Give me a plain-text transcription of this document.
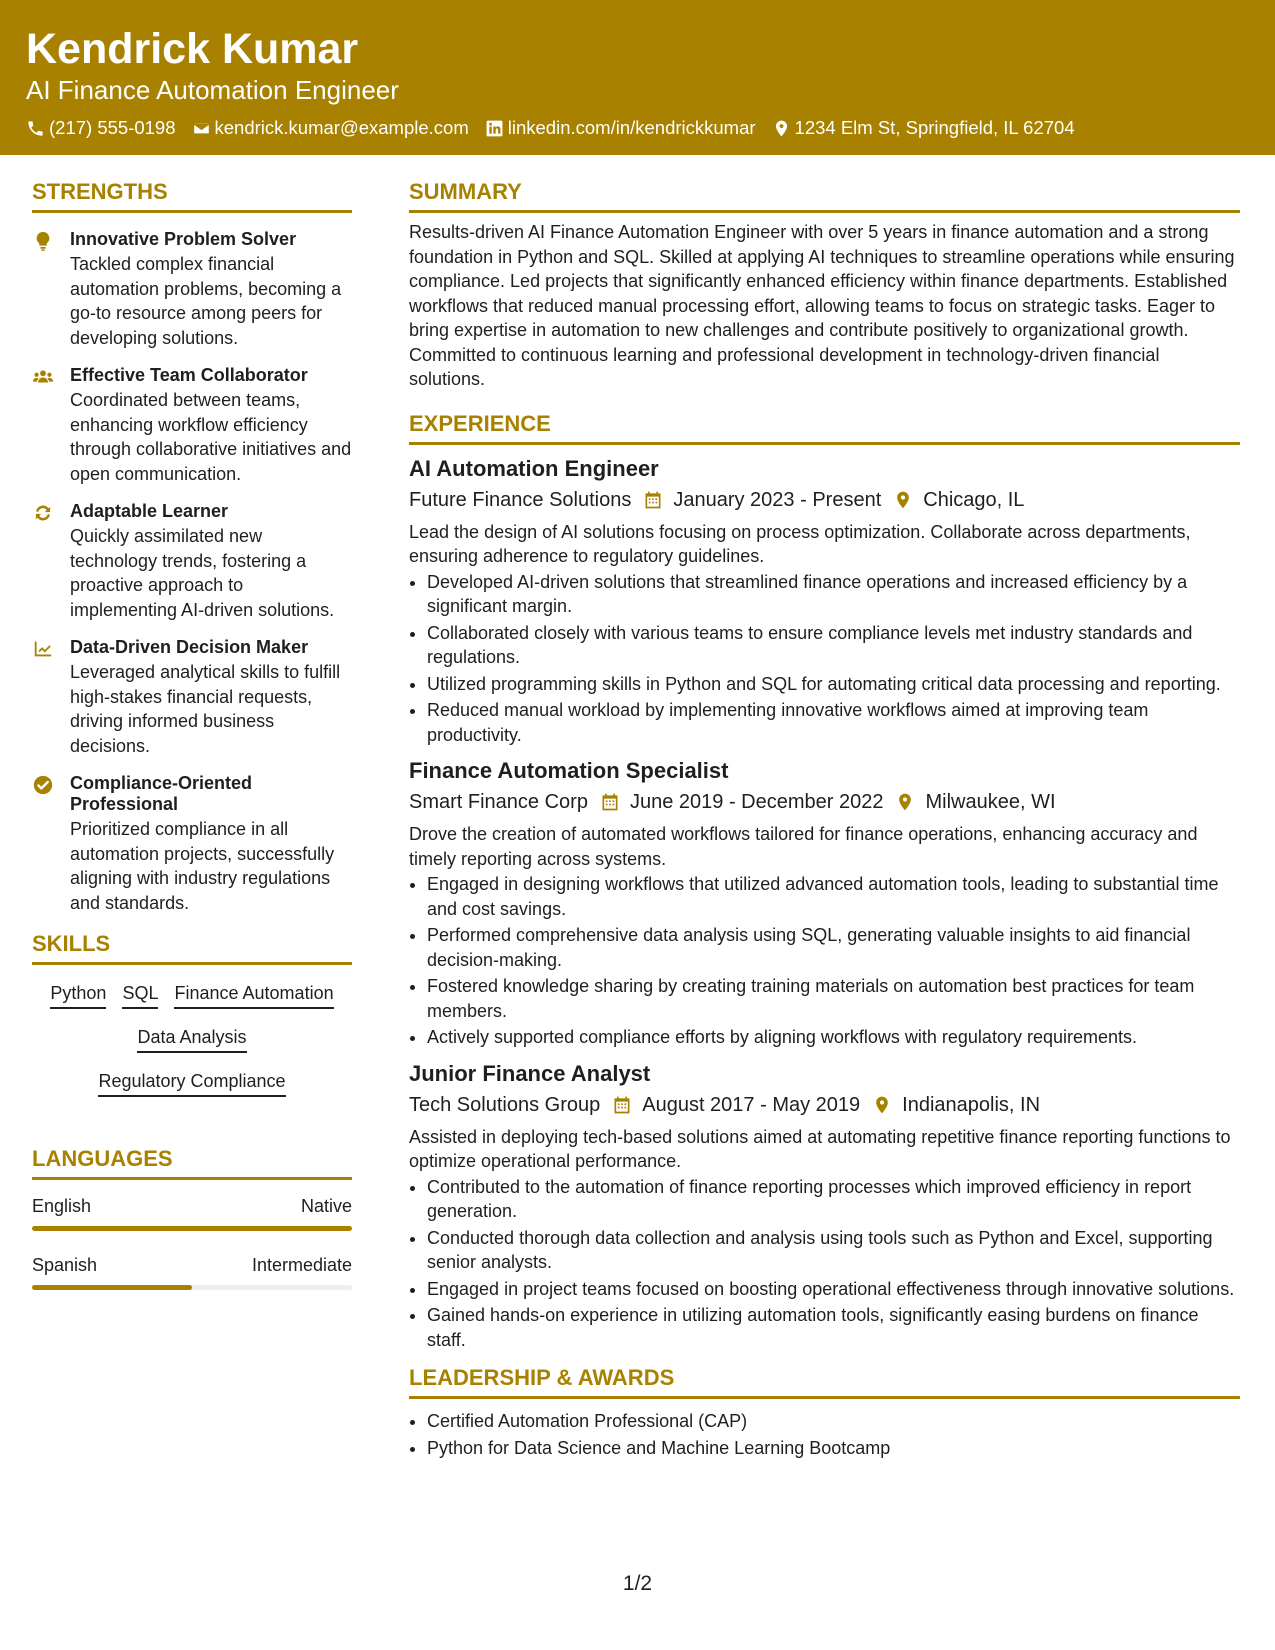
Kendrick Kumar
AI Finance Automation Engineer
(217) 555-0198 kendrick.kumar@example.com linkedin.com/in/kendrickkumar 1234 Elm St, Springfield, IL 62704
STRENGTHS
Innovative Problem Solver
Tackled complex financial automation problems, becoming a go-to resource among peers for developing solutions.
Effective Team Collaborator
Coordinated between teams, enhancing workflow efficiency through collaborative initiatives and open communication.
Adaptable Learner
Quickly assimilated new technology trends, fostering a proactive approach to implementing AI-driven solutions.
Data-Driven Decision Maker
Leveraged analytical skills to fulfill high-stakes financial requests, driving informed business decisions.
Compliance-Oriented Professional
Prioritized compliance in all automation projects, successfully aligning with industry regulations and standards.
SKILLS
Python SQL Finance Automation
Data Analysis
Regulatory Compliance
LANGUAGES
English	Native
Spanish	Intermediate
SUMMARY
Results-driven AI Finance Automation Engineer with over 5 years in finance automation and a strong foundation in Python and SQL. Skilled at applying AI techniques to streamline operations while ensuring compliance. Led projects that significantly enhanced efficiency within finance departments. Established workflows that reduced manual processing effort, allowing teams to focus on strategic tasks. Eager to bring expertise in automation to new challenges and contribute positively to organizational growth. Committed to continuous learning and professional development in technology-driven financial solutions.
EXPERIENCE
AI Automation Engineer
Future Finance Solutions January 2023 - Present Chicago, IL
Lead the design of AI solutions focusing on process optimization. Collaborate across departments, ensuring adherence to regulatory guidelines.
• Developed AI-driven solutions that streamlined finance operations and increased efficiency by a significant margin.
• Collaborated closely with various teams to ensure compliance levels met industry standards and regulations.
• Utilized programming skills in Python and SQL for automating critical data processing and reporting.
• Reduced manual workload by implementing innovative workflows aimed at improving team productivity.
Finance Automation Specialist
Smart Finance Corp June 2019 - December 2022 Milwaukee, WI
Drove the creation of automated workflows tailored for finance operations, enhancing accuracy and timely reporting across systems.
• Engaged in designing workflows that utilized advanced automation tools, leading to substantial time and cost savings.
• Performed comprehensive data analysis using SQL, generating valuable insights to aid financial decision-making.
• Fostered knowledge sharing by creating training materials on automation best practices for team members.
• Actively supported compliance efforts by aligning workflows with regulatory requirements.
Junior Finance Analyst
Tech Solutions Group August 2017 - May 2019 Indianapolis, IN
Assisted in deploying tech-based solutions aimed at automating repetitive finance reporting functions to optimize operational performance.
• Contributed to the automation of finance reporting processes which improved efficiency in report generation.
• Conducted thorough data collection and analysis using tools such as Python and Excel, supporting senior analysts.
• Engaged in project teams focused on boosting operational effectiveness through innovative solutions.
• Gained hands-on experience in utilizing automation tools, significantly easing burdens on finance staff.
LEADERSHIP & AWARDS
• Certified Automation Professional (CAP)
• Python for Data Science and Machine Learning Bootcamp
1/2
